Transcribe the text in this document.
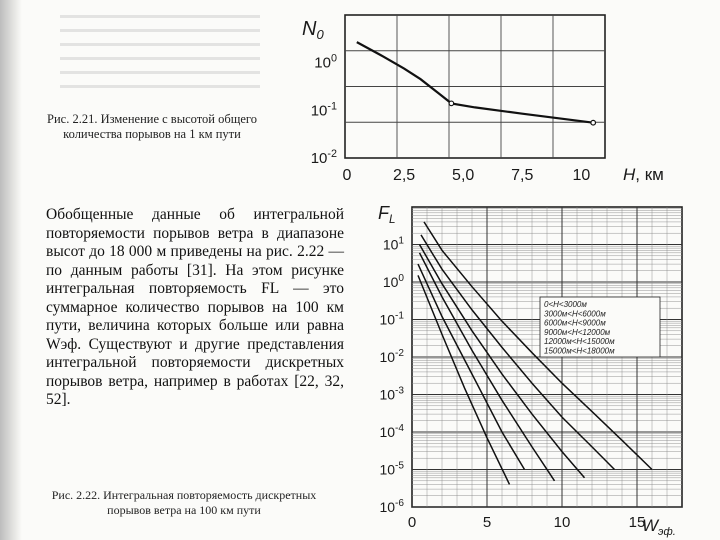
0	2,5 5,0 7,5 10
$10^0$
$10^{-1}$
$10^{-2}$
$N_0$
H, км
Рис. 2.21. Изменение с высотой общего количества порывов на 1 км пути

Обобщенные данные об интегральной повторяемости порывов ветра в диапазоне высот до 18 000 м приведены на рис. 2.22 — по данным работы [31]. На этом рисунке интегральная повторяемость FL — это суммарное количество порывов на 100 км пути, величина которых больше или равна Wэф. Существуют и другие представления интегральной повторяемости дискретных порывов ветра, например в работах [22, 32, 52].

0<H<3000м
3000м<H<6000м
6000м<H<9000м
9000м<H<12000м
12000м<H<15000м
15000м<H<18000м
0	5	10	15
$10^1$
$10^0$
$10^{-1}$
$10^{-2}$
$10^{-3}$
$10^{-4}$
$10^{-5}$
$10^{-6}$
$F_L$
$W_{эф.}$
Рис. 2.22. Интегральная повторяемость дискретных порывов ветра на 100 км пути
